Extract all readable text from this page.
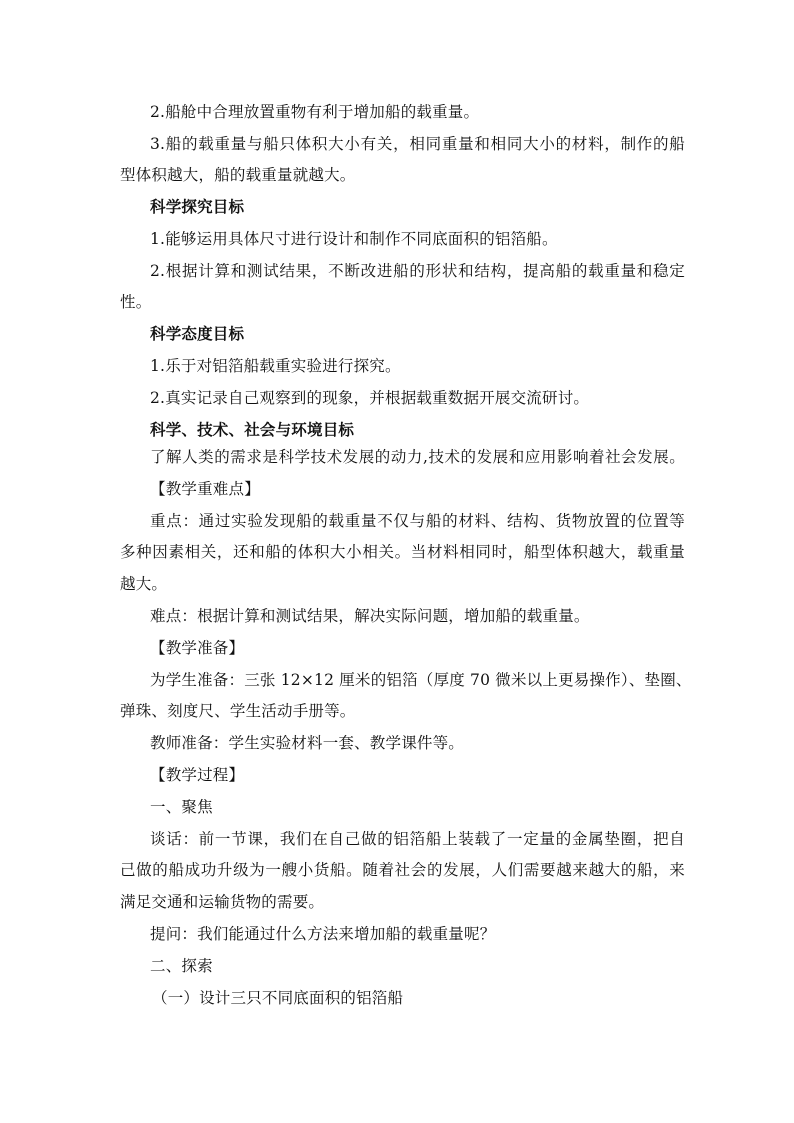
2.船舱中合理放置重物有利于增加船的载重量。
3.船的载重量与船只体积大小有关，相同重量和相同大小的材料，制作的船
型体积越大，船的载重量就越大。
科学探究目标
1.能够运用具体尺寸进行设计和制作不同底面积的铝箔船。
2.根据计算和测试结果，不断改进船的形状和结构，提高船的载重量和稳定
性。
科学态度目标
1.乐于对铝箔船载重实验进行探究。
2.真实记录自己观察到的现象，并根据载重数据开展交流研讨。
科学、技术、社会与环境目标
了解人类的需求是科学技术发展的动力,技术的发展和应用影响着社会发展。
【教学重难点】
重点：通过实验发现船的载重量不仅与船的材料、结构、货物放置的位置等
多种因素相关，还和船的体积大小相关。当材料相同时，船型体积越大，载重量
越大。
难点：根据计算和测试结果，解决实际问题，增加船的载重量。
【教学准备】
为学生准备：三张 12×12 厘米的铝箔（厚度 70 微米以上更易操作）、垫圈、
弹珠、刻度尺、学生活动手册等。
教师准备：学生实验材料一套、教学课件等。
【教学过程】
一、聚焦
谈话：前一节课，我们在自己做的铝箔船上装载了一定量的金属垫圈，把自
己做的船成功升级为一艘小货船。随着社会的发展，人们需要越来越大的船，来
满足交通和运输货物的需要。
提问：我们能通过什么方法来增加船的载重量呢？
二、探索
（一）设计三只不同底面积的铝箔船
